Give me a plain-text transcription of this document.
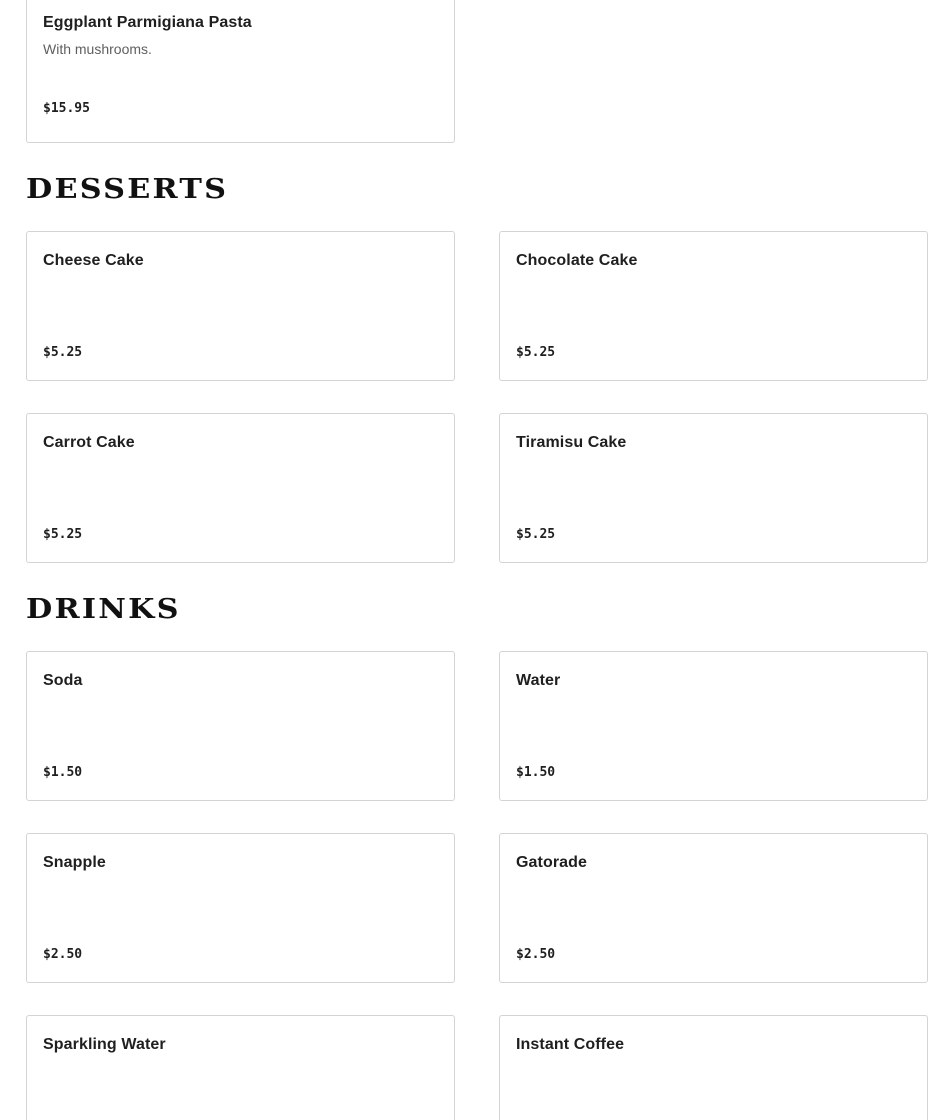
Eggplant Parmigiana Pasta
With mushrooms.
$15.95
DESSERTS
Cheese Cake
$5.25
Chocolate Cake
$5.25
Carrot Cake
$5.25
Tiramisu Cake
$5.25
DRINKS
Soda
$1.50
Water
$1.50
Snapple
$2.50
Gatorade
$2.50
Sparkling Water	Instant Coffee
